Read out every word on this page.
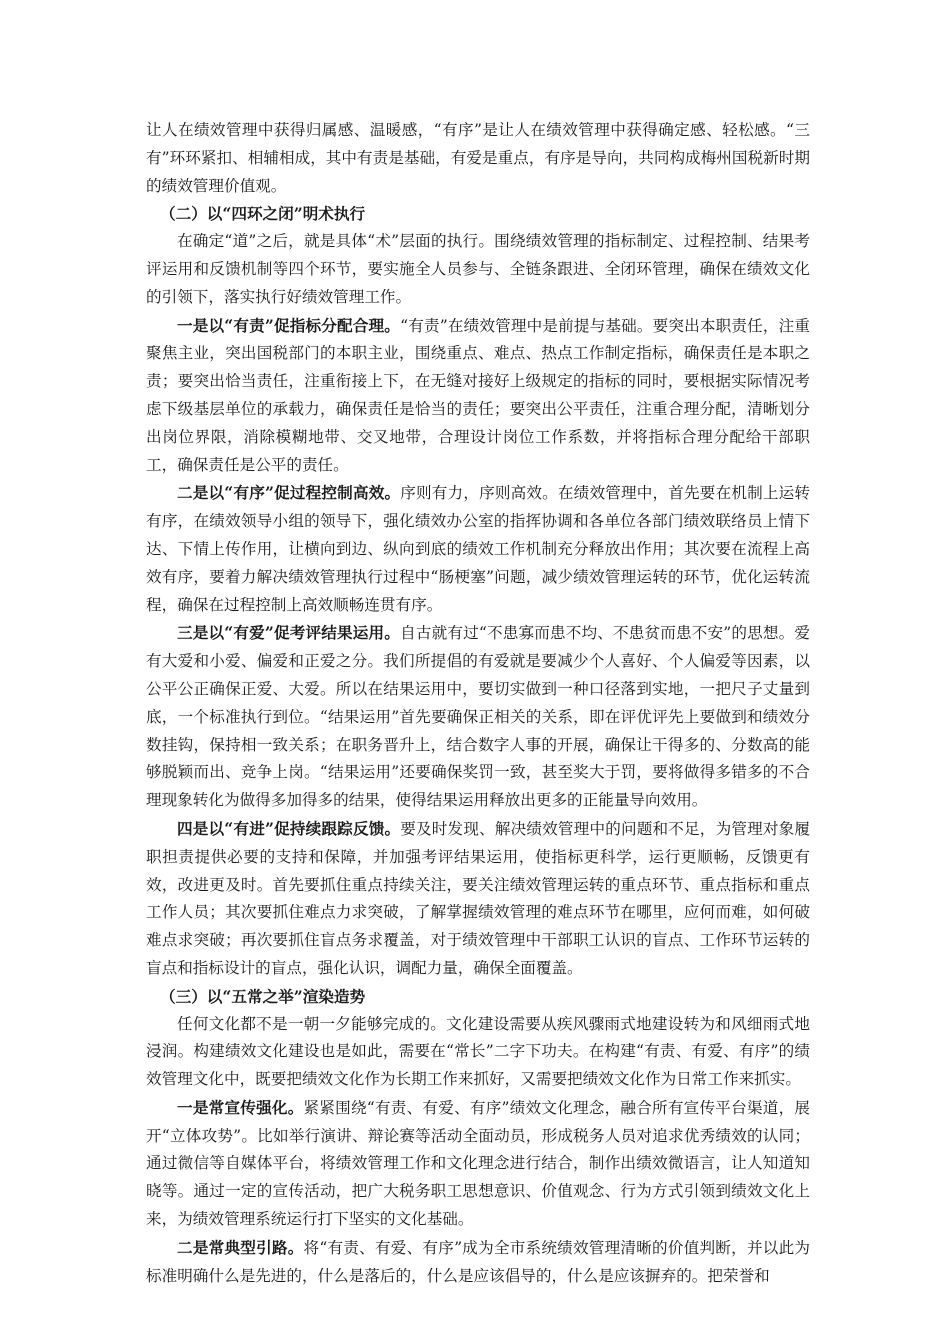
让人在绩效管理中获得归属感、温暖感，“有序”是让人在绩效管理中获得确定感、轻松感。“三有”环环紧扣、相辅相成，其中有责是基础，有爱是重点，有序是导向，共同构成梅州国税新时期的绩效管理价值观。

（二）以“四环之闭”明术执行

在确定“道”之后，就是具体“术”层面的执行。围绕绩效管理的指标制定、过程控制、结果考评运用和反馈机制等四个环节，要实施全人员参与、全链条跟进、全闭环管理，确保在绩效文化的引领下，落实执行好绩效管理工作。

一是以“有责”促指标分配合理。“有责”在绩效管理中是前提与基础。要突出本职责任，注重聚焦主业，突出国税部门的本职主业，围绕重点、难点、热点工作制定指标，确保责任是本职之责；要突出恰当责任，注重衔接上下，在无缝对接好上级规定的指标的同时，要根据实际情况考虑下级基层单位的承载力，确保责任是恰当的责任；要突出公平责任，注重合理分配，清晰划分出岗位界限，消除模糊地带、交叉地带，合理设计岗位工作系数，并将指标合理分配给干部职工，确保责任是公平的责任。

二是以“有序”促过程控制高效。序则有力，序则高效。在绩效管理中，首先要在机制上运转有序，在绩效领导小组的领导下，强化绩效办公室的指挥协调和各单位各部门绩效联络员上情下达、下情上传作用，让横向到边、纵向到底的绩效工作机制充分释放出作用；其次要在流程上高效有序，要着力解决绩效管理执行过程中“肠梗塞”问题，减少绩效管理运转的环节，优化运转流程，确保在过程控制上高效顺畅连贯有序。

三是以“有爱”促考评结果运用。自古就有过“不患寡而患不均、不患贫而患不安”的思想。爱有大爱和小爱、偏爱和正爱之分。我们所提倡的有爱就是要减少个人喜好、个人偏爱等因素，以公平公正确保正爱、大爱。所以在结果运用中，要切实做到一种口径落到实地，一把尺子丈量到底，一个标准执行到位。“结果运用”首先要确保正相关的关系，即在评优评先上要做到和绩效分数挂钩，保持相一致关系；在职务晋升上，结合数字人事的开展，确保让干得多的、分数高的能够脱颖而出、竞争上岗。“结果运用”还要确保奖罚一致，甚至奖大于罚，要将做得多错多的不合理现象转化为做得多加得多的结果，使得结果运用释放出更多的正能量导向效用。

四是以“有进”促持续跟踪反馈。要及时发现、解决绩效管理中的问题和不足，为管理对象履职担责提供必要的支持和保障，并加强考评结果运用，使指标更科学，运行更顺畅，反馈更有效，改进更及时。首先要抓住重点持续关注，要关注绩效管理运转的重点环节、重点指标和重点工作人员；其次要抓住难点力求突破，了解掌握绩效管理的难点环节在哪里，应何而难，如何破难点求突破；再次要抓住盲点务求覆盖，对于绩效管理中干部职工认识的盲点、工作环节运转的盲点和指标设计的盲点，强化认识，调配力量，确保全面覆盖。

（三）以“五常之举”渲染造势

任何文化都不是一朝一夕能够完成的。文化建设需要从疾风骤雨式地建设转为和风细雨式地浸润。构建绩效文化建设也是如此，需要在“常长”二字下功夫。在构建“有责、有爱、有序”的绩效管理文化中，既要把绩效文化作为长期工作来抓好，又需要把绩效文化作为日常工作来抓实。

一是常宣传强化。紧紧围绕“有责、有爱、有序”绩效文化理念，融合所有宣传平台渠道，展开“立体攻势”。比如举行演讲、辩论赛等活动全面动员，形成税务人员对追求优秀绩效的认同；通过微信等自媒体平台，将绩效管理工作和文化理念进行结合，制作出绩效微语言，让人知道知晓等。通过一定的宣传活动，把广大税务职工思想意识、价值观念、行为方式引领到绩效文化上来，为绩效管理系统运行打下坚实的文化基础。

二是常典型引路。将“有责、有爱、有序”成为全市系统绩效管理清晰的价值判断，并以此为标准明确什么是先进的，什么是落后的，什么是应该倡导的，什么是应该摒弃的。把荣誉和
